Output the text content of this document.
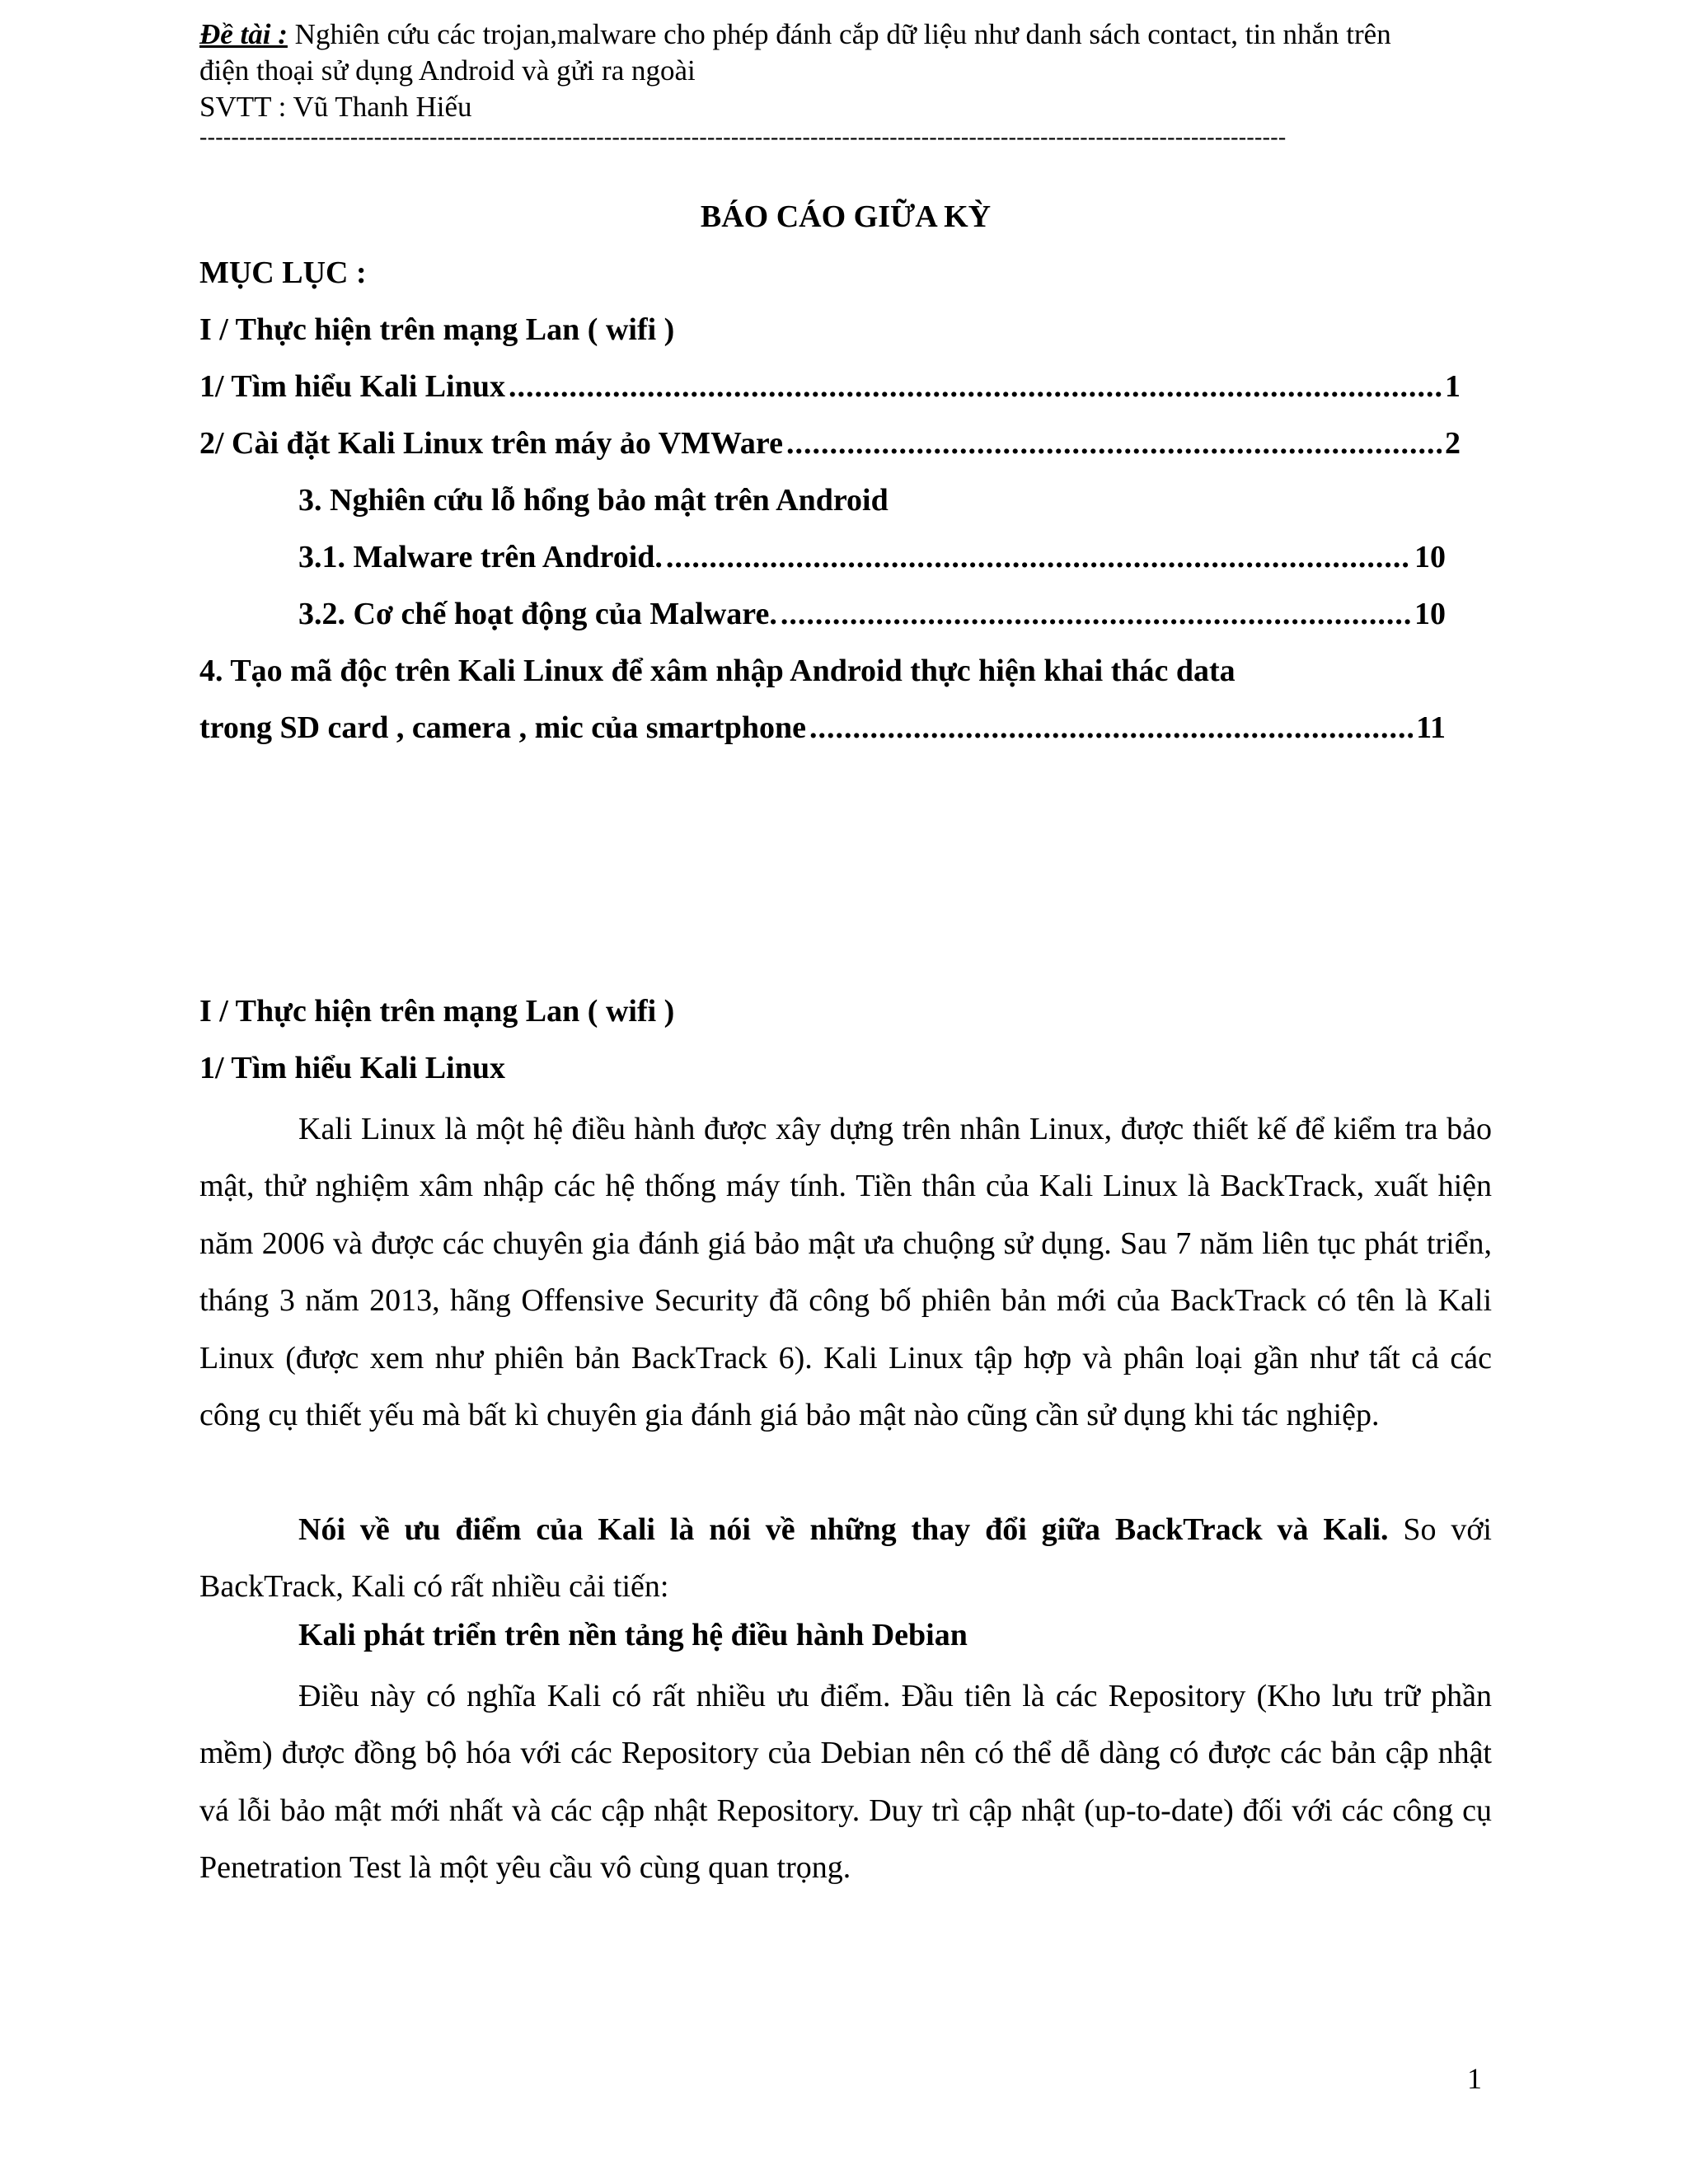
Đề tài : Nghiên cứu các trojan,malware cho phép đánh cắp dữ liệu như danh sách contact, tin nhắn trên
điện thoại sử dụng Android và gửi ra ngoài
SVTT : Vũ Thanh Hiếu
-----------------------------------------------------------------------------------------------------------------------------------------
BÁO CÁO GIỮA KỲ
MỤC LỤC :
I / Thực hiện trên mạng Lan ( wifi )
1/ Tìm hiểu Kali Linux .....	1
2/ Cài đặt Kali Linux trên máy ảo VMWare .....	2
3. Nghiên cứu lỗ hổng bảo mật trên Android
3.1. Malware trên Android. .....	10
3.2. Cơ chế hoạt động của Malware. .....	10
4. Tạo mã độc trên Kali Linux để xâm nhập Android thực hiện khai thác data
trong SD card , camera , mic của smartphone .....	11
I / Thực hiện trên mạng Lan ( wifi )
1/ Tìm hiểu Kali Linux
Kali Linux là một hệ điều hành được xây dựng trên nhân Linux, được thiết kế để kiểm tra bảo mật, thử nghiệm xâm nhập các hệ thống máy tính. Tiền thân của Kali Linux là BackTrack, xuất hiện năm 2006 và được các chuyên gia đánh giá bảo mật ưa chuộng sử dụng. Sau 7 năm liên tục phát triển, tháng 3 năm 2013, hãng Offensive Security đã công bố phiên bản mới của BackTrack có tên là Kali Linux (được xem như phiên bản BackTrack 6). Kali Linux tập hợp và phân loại gần như tất cả các công cụ thiết yếu mà bất kì chuyên gia đánh giá bảo mật nào cũng cần sử dụng khi tác nghiệp.
Nói về ưu điểm của Kali là nói về những thay đổi giữa BackTrack và Kali. So với BackTrack, Kali có rất nhiều cải tiến:
Kali phát triển trên nền tảng hệ điều hành Debian
Điều này có nghĩa Kali có rất nhiều ưu điểm. Đầu tiên là các Repository (Kho lưu trữ phần mềm) được đồng bộ hóa với các Repository của Debian nên có thể dễ dàng có được các bản cập nhật vá lỗi bảo mật mới nhất và các cập nhật Repository. Duy trì cập nhật (up-to-date) đối với các công cụ Penetration Test là một yêu cầu vô cùng quan trọng.
1
